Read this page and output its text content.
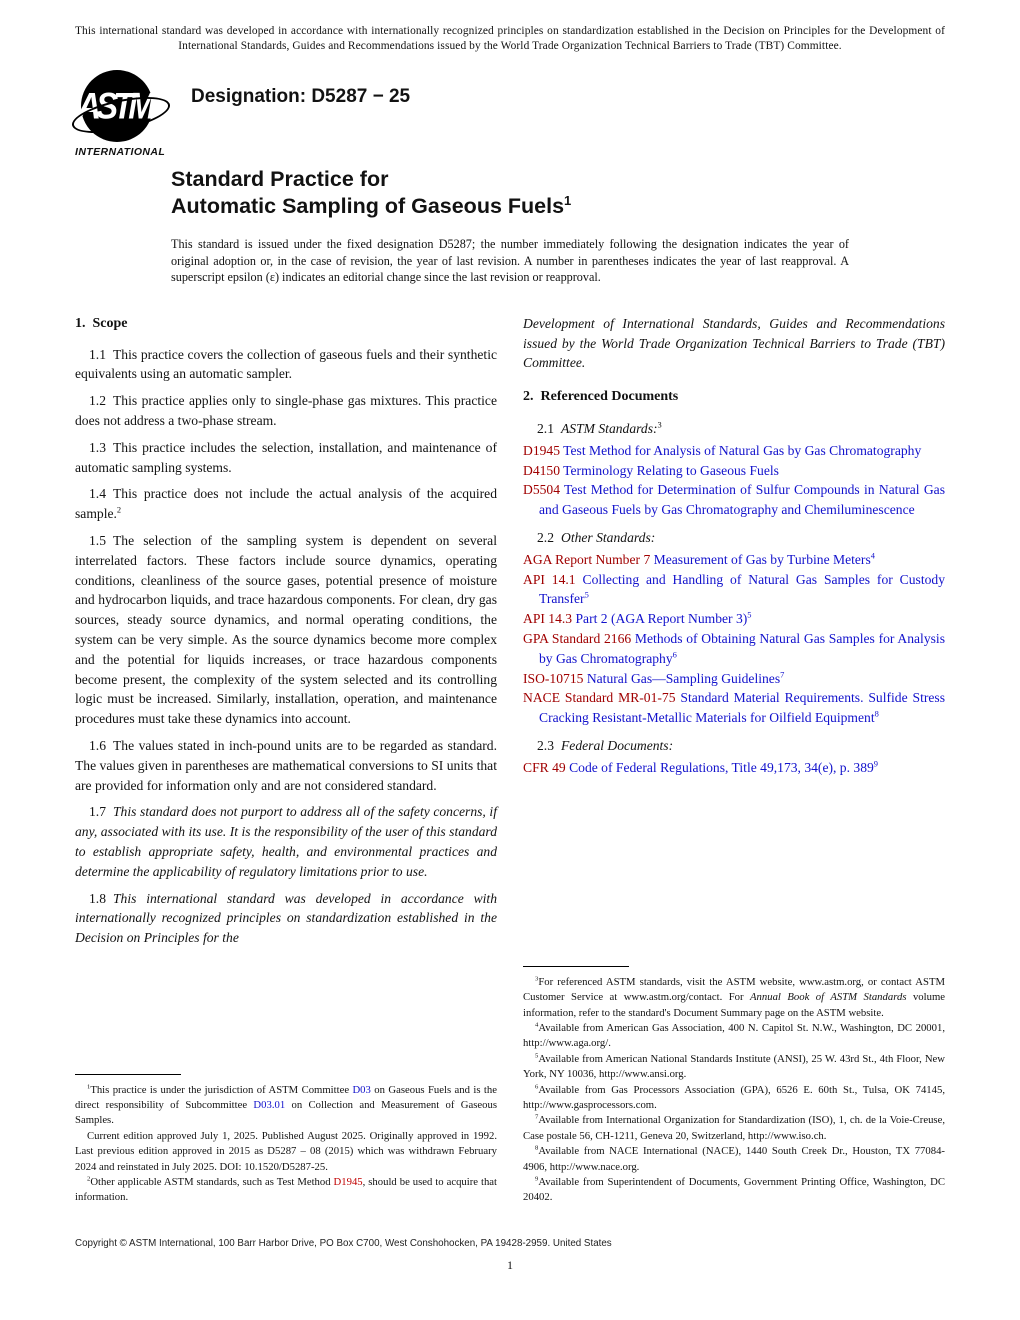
This international standard was developed in accordance with internationally recognized principles on standardization established in the Decision on Principles for the Development of International Standards, Guides and Recommendations issued by the World Trade Organization Technical Barriers to Trade (TBT) Committee.
ASTM
INTERNATIONAL
Designation: D5287 − 25
Standard Practice for
Automatic Sampling of Gaseous Fuels$^1$
This standard is issued under the fixed designation D5287; the number immediately following the designation indicates the year of original adoption or, in the case of revision, the year of last revision. A number in parentheses indicates the year of last reapproval. A superscript epsilon (ε) indicates an editorial change since the last revision or reapproval.
1. Scope

1.1 This practice covers the collection of gaseous fuels and their synthetic equivalents using an automatic sampler.

1.2 This practice applies only to single-phase gas mixtures. This practice does not address a two-phase stream.

1.3 This practice includes the selection, installation, and maintenance of automatic sampling systems.

1.4 This practice does not include the actual analysis of the acquired sample.$^2$

1.5 The selection of the sampling system is dependent on several interrelated factors. These factors include source dynamics, operating conditions, cleanliness of the source gases, potential presence of moisture and hydrocarbon liquids, and trace hazardous components. For clean, dry gas sources, steady source dynamics, and normal operating conditions, the system can be very simple. As the source dynamics become more complex and the potential for liquids increases, or trace hazardous components become present, the complexity of the system selected and its controlling logic must be increased. Similarly, installation, operation, and maintenance procedures must take these dynamics into account.

1.6 The values stated in inch-pound units are to be regarded as standard. The values given in parentheses are mathematical conversions to SI units that are provided for information only and are not considered standard.

1.7 This standard does not purport to address all of the safety concerns, if any, associated with its use. It is the responsibility of the user of this standard to establish appropriate safety, health, and environmental practices and determine the applicability of regulatory limitations prior to use.

1.8 This international standard was developed in accordance with internationally recognized principles on standardization established in the Decision on Principles for the

$^1$This practice is under the jurisdiction of ASTM Committee D03 on Gaseous Fuels and is the direct responsibility of Subcommittee D03.01 on Collection and Measurement of Gaseous Samples.

Current edition approved July 1, 2025. Published August 2025. Originally approved in 1992. Last previous edition approved in 2015 as D5287 – 08 (2015) which was withdrawn February 2024 and reinstated in July 2025. DOI: 10.1520/D5287-25.

$^2$Other applicable ASTM standards, such as Test Method D1945, should be used to acquire that information.

Development of International Standards, Guides and Recommendations issued by the World Trade Organization Technical Barriers to Trade (TBT) Committee.

2. Referenced Documents

2.1 ASTM Standards:$^3$

D1945 Test Method for Analysis of Natural Gas by Gas Chromatography

D4150 Terminology Relating to Gaseous Fuels

D5504 Test Method for Determination of Sulfur Compounds in Natural Gas and Gaseous Fuels by Gas Chromatography and Chemiluminescence

2.2 Other Standards:

AGA Report Number 7 Measurement of Gas by Turbine Meters$^4$

API 14.1 Collecting and Handling of Natural Gas Samples for Custody Transfer$^5$

API 14.3 Part 2 (AGA Report Number 3)$^5$

GPA Standard 2166 Methods of Obtaining Natural Gas Samples for Analysis by Gas Chromatography$^6$

ISO-10715 Natural Gas—Sampling Guidelines$^7$

NACE Standard MR-01-75 Standard Material Requirements. Sulfide Stress Cracking Resistant-Metallic Materials for Oilfield Equipment$^8$

2.3 Federal Documents:

CFR 49 Code of Federal Regulations, Title 49,173, 34(e), p. $389^9$

$^3$For referenced ASTM standards, visit the ASTM website, www.astm.org, or contact ASTM Customer Service at www.astm.org/contact. For Annual Book of ASTM Standards volume information, refer to the standard's Document Summary page on the ASTM website.

$^4$Available from American Gas Association, 400 N. Capitol St. N.W., Washington, DC 20001, http://www.aga.org/.

$^5$Available from American National Standards Institute (ANSI), 25 W. 43rd St., 4th Floor, New York, NY 10036, http://www.ansi.org.

$^6$Available from Gas Processors Association (GPA), 6526 E. 60th St., Tulsa, OK 74145, http://www.gasprocessors.com.

$^7$Available from International Organization for Standardization (ISO), 1, ch. de la Voie-Creuse, Case postale 56, CH-1211, Geneva 20, Switzerland, http://www.iso.ch.

$^8$Available from NACE International (NACE), 1440 South Creek Dr., Houston, TX 77084-4906, http://www.nace.org.

$^9$Available from Superintendent of Documents, Government Printing Office, Washington, DC 20402.

Copyright © ASTM International, 100 Barr Harbor Drive, PO Box C700, West Conshohocken, PA 19428-2959. United States
1
